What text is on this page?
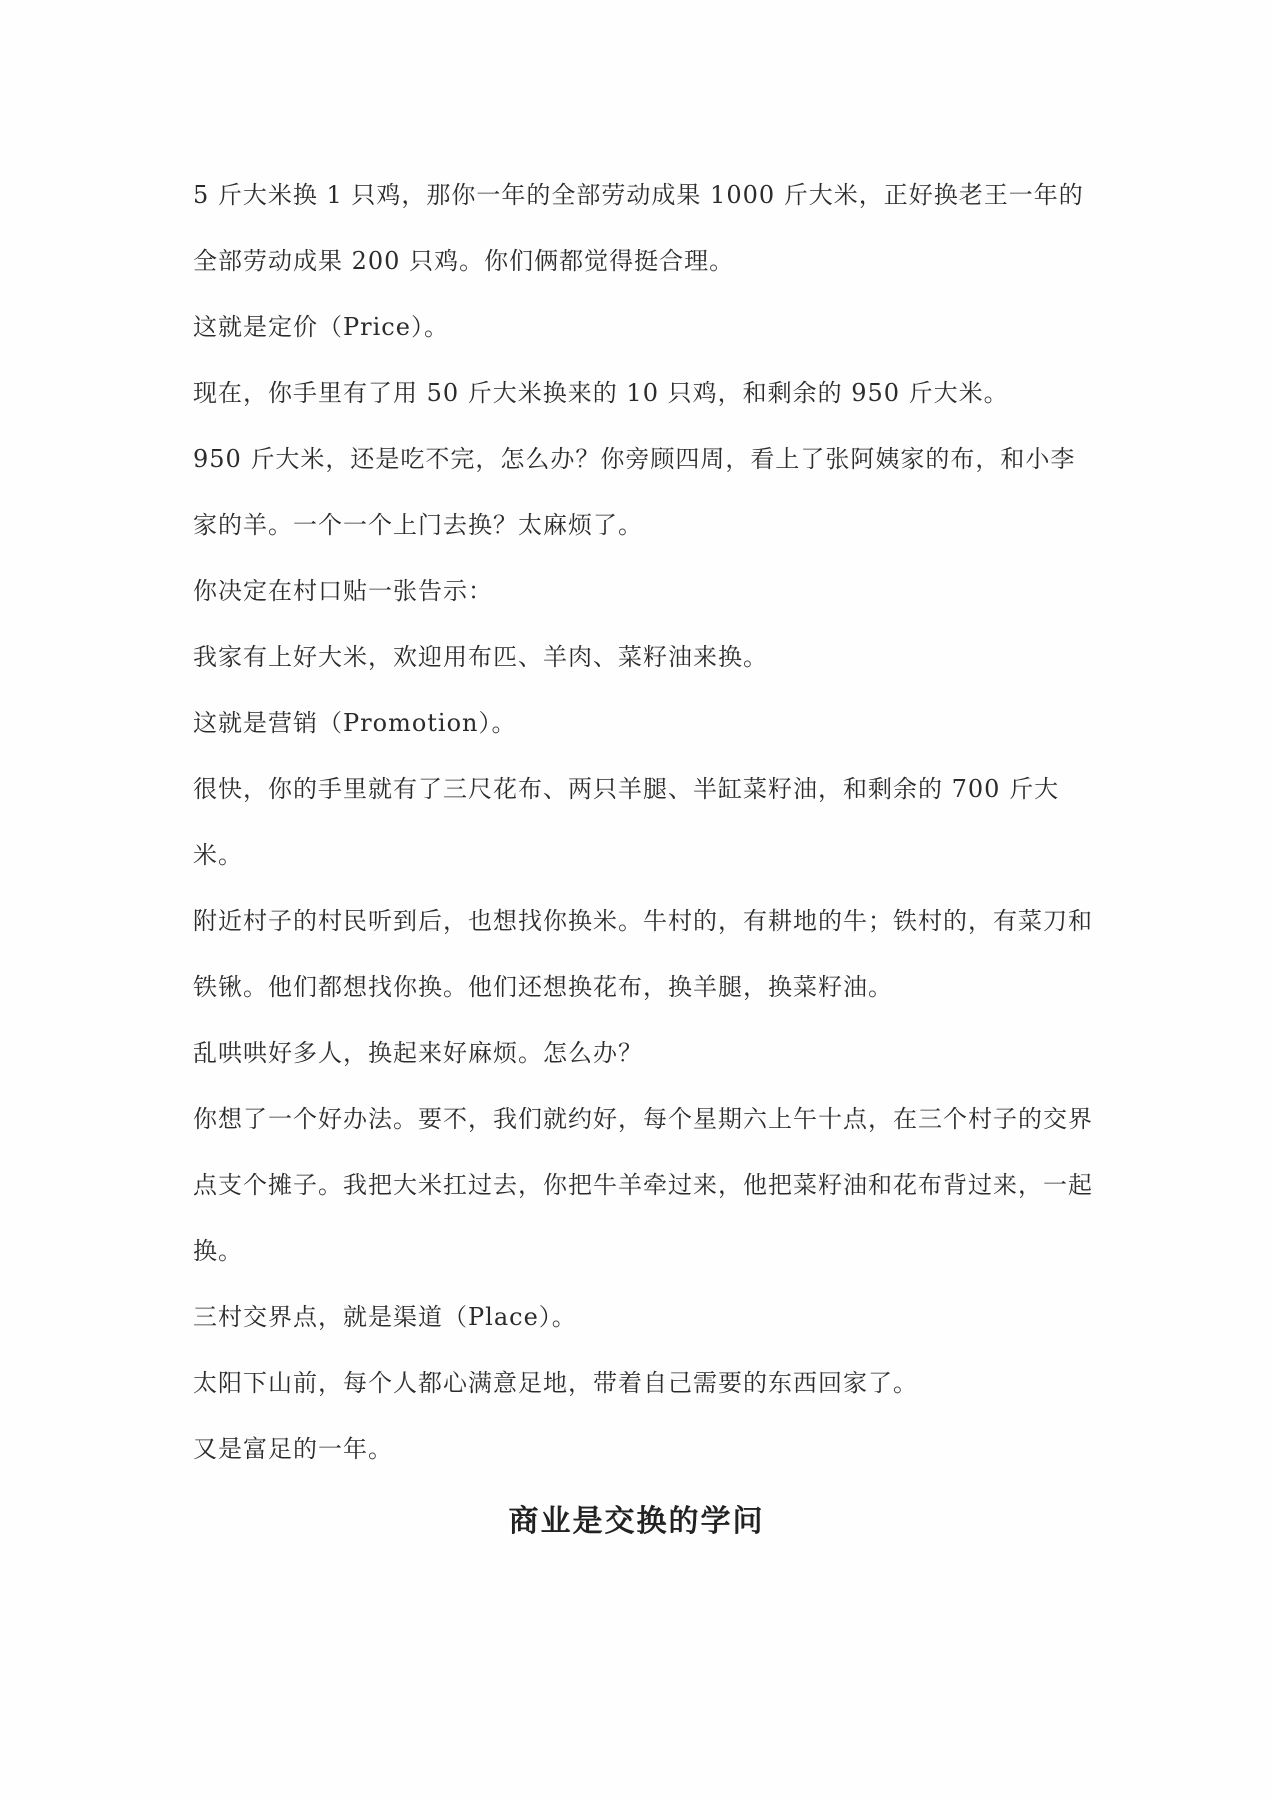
5 斤大米换 1 只鸡，那你一年的全部劳动成果 1000 斤大米，正好换老王一年的全部劳动成果 200 只鸡。你们俩都觉得挺合理。

这就是定价（Price）。

现在，你手里有了用 50 斤大米换来的 10 只鸡，和剩余的 950 斤大米。

950 斤大米，还是吃不完，怎么办？你旁顾四周，看上了张阿姨家的布，和小李家的羊。一个一个上门去换？太麻烦了。

你决定在村口贴一张告示：

我家有上好大米，欢迎用布匹、羊肉、菜籽油来换。

这就是营销（Promotion）。

很快，你的手里就有了三尺花布、两只羊腿、半缸菜籽油，和剩余的 700 斤大米。

附近村子的村民听到后，也想找你换米。牛村的，有耕地的牛；铁村的，有菜刀和铁锹。他们都想找你换。他们还想换花布，换羊腿，换菜籽油。

乱哄哄好多人，换起来好麻烦。怎么办？

你想了一个好办法。要不，我们就约好，每个星期六上午十点，在三个村子的交界点支个摊子。我把大米扛过去，你把牛羊牵过来，他把菜籽油和花布背过来，一起换。

三村交界点，就是渠道（Place）。

太阳下山前，每个人都心满意足地，带着自己需要的东西回家了。

又是富足的一年。

商业是交换的学问
